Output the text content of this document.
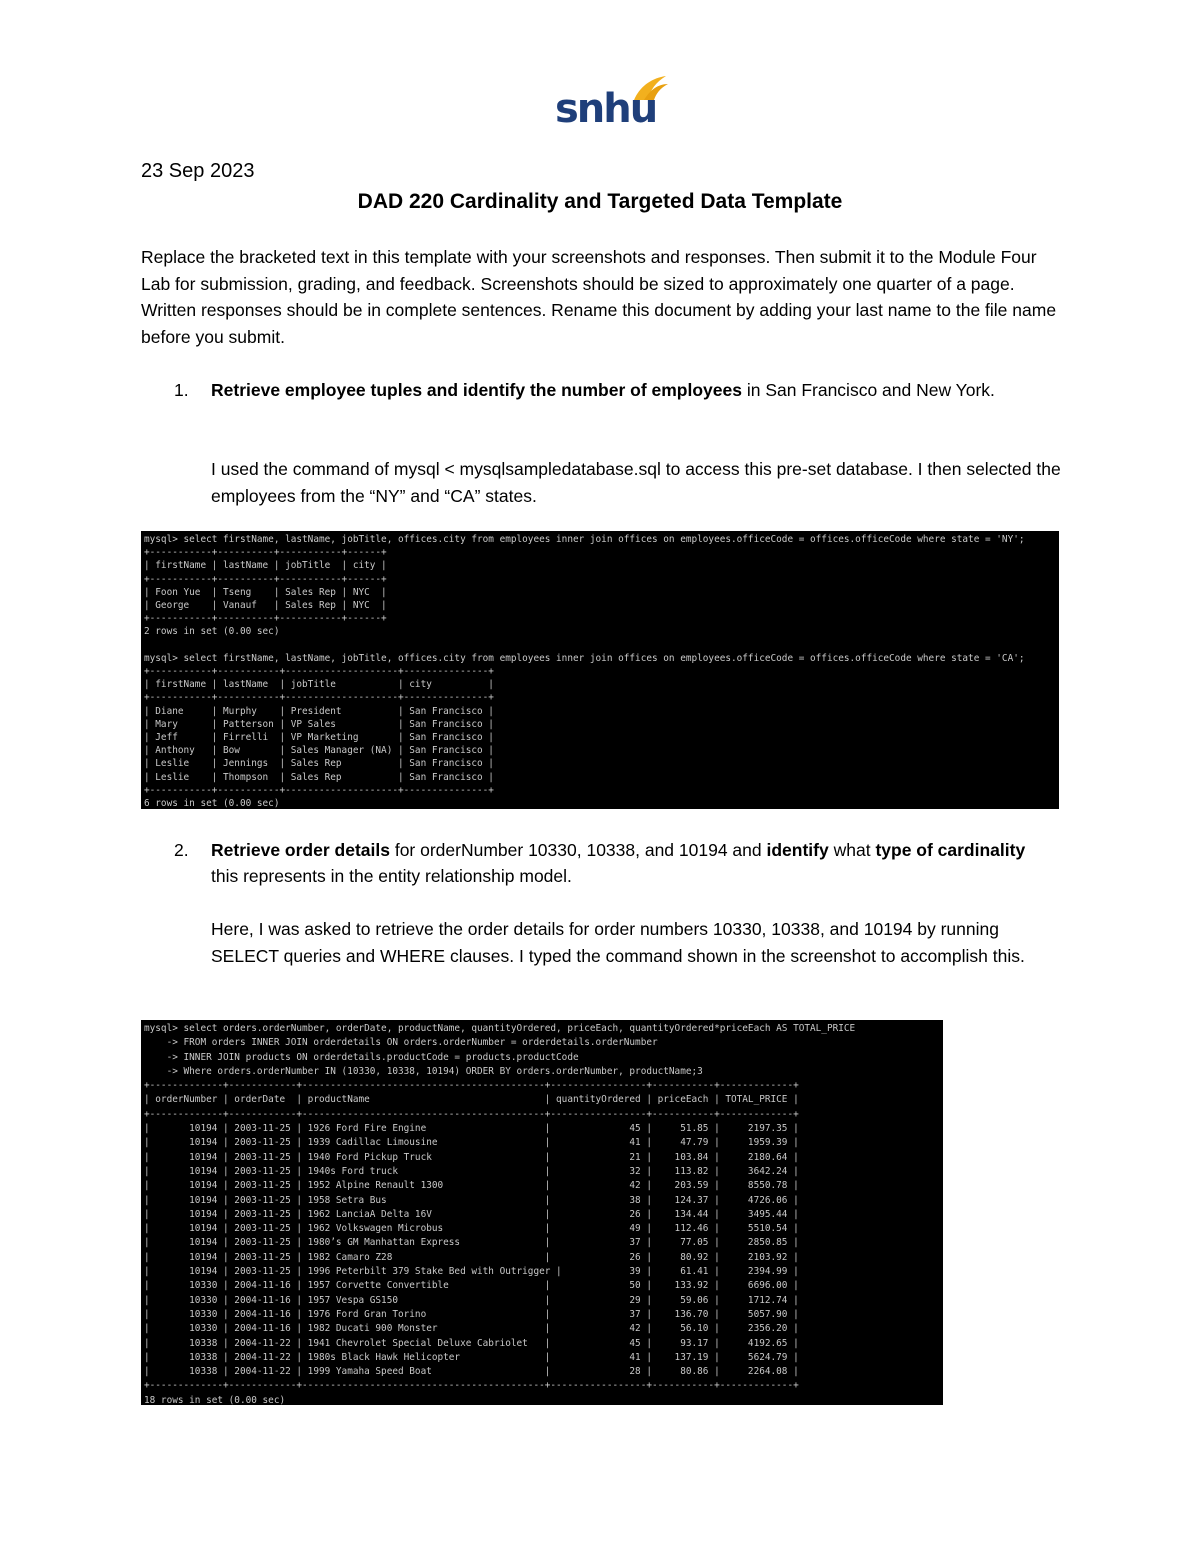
snhu
23 Sep 2023
DAD 220 Cardinality and Targeted Data Template
Replace the bracketed text in this template with your screenshots and responses. Then submit it to the Module Four Lab for submission, grading, and feedback. Screenshots should be sized to approximately one quarter of a page. Written responses should be in complete sentences. Rename this document by adding your last name to the file name before you submit.
1. Retrieve employee tuples and identify the number of employees in San Francisco and New York.
I used the command of mysql < mysqlsampledatabase.sql to access this pre-set database. I then selected the employees from the “NY” and “CA” states.
mysql> select firstName, lastName, jobTitle, offices.city from employees inner join offices on employees.officeCode = offices.officeCode where state = 'NY';
+-----------+----------+-----------+------+
| firstName | lastName | jobTitle  | city |
+-----------+----------+-----------+------+
| Foon Yue  | Tseng    | Sales Rep | NYC  |
| George    | Vanauf   | Sales Rep | NYC  |
+-----------+----------+-----------+------+
2 rows in set (0.00 sec)

mysql> select firstName, lastName, jobTitle, offices.city from employees inner join offices on employees.officeCode = offices.officeCode where state = 'CA';
+-----------+-----------+--------------------+---------------+
| firstName | lastName  | jobTitle           | city          |
+-----------+-----------+--------------------+---------------+
| Diane     | Murphy    | President          | San Francisco |
| Mary      | Patterson | VP Sales           | San Francisco |
| Jeff      | Firrelli  | VP Marketing       | San Francisco |
| Anthony   | Bow       | Sales Manager (NA) | San Francisco |
| Leslie    | Jennings  | Sales Rep          | San Francisco |
| Leslie    | Thompson  | Sales Rep          | San Francisco |
+-----------+-----------+--------------------+---------------+
6 rows in set (0.00 sec)
2. Retrieve order details for orderNumber 10330, 10338, and 10194 and identify what type of cardinality this represents in the entity relationship model.
Here, I was asked to retrieve the order details for order numbers 10330, 10338, and 10194 by running SELECT queries and WHERE clauses. I typed the command shown in the screenshot to accomplish this.
mysql> select orders.orderNumber, orderDate, productName, quantityOrdered, priceEach, quantityOrdered*priceEach AS TOTAL_PRICE
-> FROM orders INNER JOIN orderdetails ON orders.orderNumber = orderdetails.orderNumber
-> INNER JOIN products ON orderdetails.productCode = products.productCode
-> Where orders.orderNumber IN (10330, 10338, 10194) ORDER BY orders.orderNumber, productName;3
+-------------+------------+-------------------------------------------+-----------------+-----------+-------------+
| orderNumber | orderDate  | productName                               | quantityOrdered | priceEach | TOTAL_PRICE |
+-------------+------------+-------------------------------------------+-----------------+-----------+-------------+
|       10194 | 2003-11-25 | 1926 Ford Fire Engine                     |              45 |     51.85 |     2197.35 |
|       10194 | 2003-11-25 | 1939 Cadillac Limousine                   |              41 |     47.79 |     1959.39 |
|       10194 | 2003-11-25 | 1940 Ford Pickup Truck                    |              21 |    103.84 |     2180.64 |
|       10194 | 2003-11-25 | 1940s Ford truck                          |              32 |    113.82 |     3642.24 |
|       10194 | 2003-11-25 | 1952 Alpine Renault 1300                  |              42 |    203.59 |     8550.78 |
|       10194 | 2003-11-25 | 1958 Setra Bus                            |              38 |    124.37 |     4726.06 |
|       10194 | 2003-11-25 | 1962 LanciaA Delta 16V                    |              26 |    134.44 |     3495.44 |
|       10194 | 2003-11-25 | 1962 Volkswagen Microbus                  |              49 |    112.46 |     5510.54 |
|       10194 | 2003-11-25 | 1980’s GM Manhattan Express               |              37 |     77.05 |     2850.85 |
|       10194 | 2003-11-25 | 1982 Camaro Z28                           |              26 |     80.92 |     2103.92 |
|       10194 | 2003-11-25 | 1996 Peterbilt 379 Stake Bed with Outrigger |            39 |     61.41 |     2394.99 |
|       10330 | 2004-11-16 | 1957 Corvette Convertible                 |              50 |    133.92 |     6696.00 |
|       10330 | 2004-11-16 | 1957 Vespa GS150                          |              29 |     59.06 |     1712.74 |
|       10330 | 2004-11-16 | 1976 Ford Gran Torino                     |              37 |    136.70 |     5057.90 |
|       10330 | 2004-11-16 | 1982 Ducati 900 Monster                   |              42 |     56.10 |     2356.20 |
|       10338 | 2004-11-22 | 1941 Chevrolet Special Deluxe Cabriolet   |              45 |     93.17 |     4192.65 |
|       10338 | 2004-11-22 | 1980s Black Hawk Helicopter               |              41 |    137.19 |     5624.79 |
|       10338 | 2004-11-22 | 1999 Yamaha Speed Boat                    |              28 |     80.86 |     2264.08 |
+-------------+------------+-------------------------------------------+-----------------+-----------+-------------+
18 rows in set (0.00 sec)
